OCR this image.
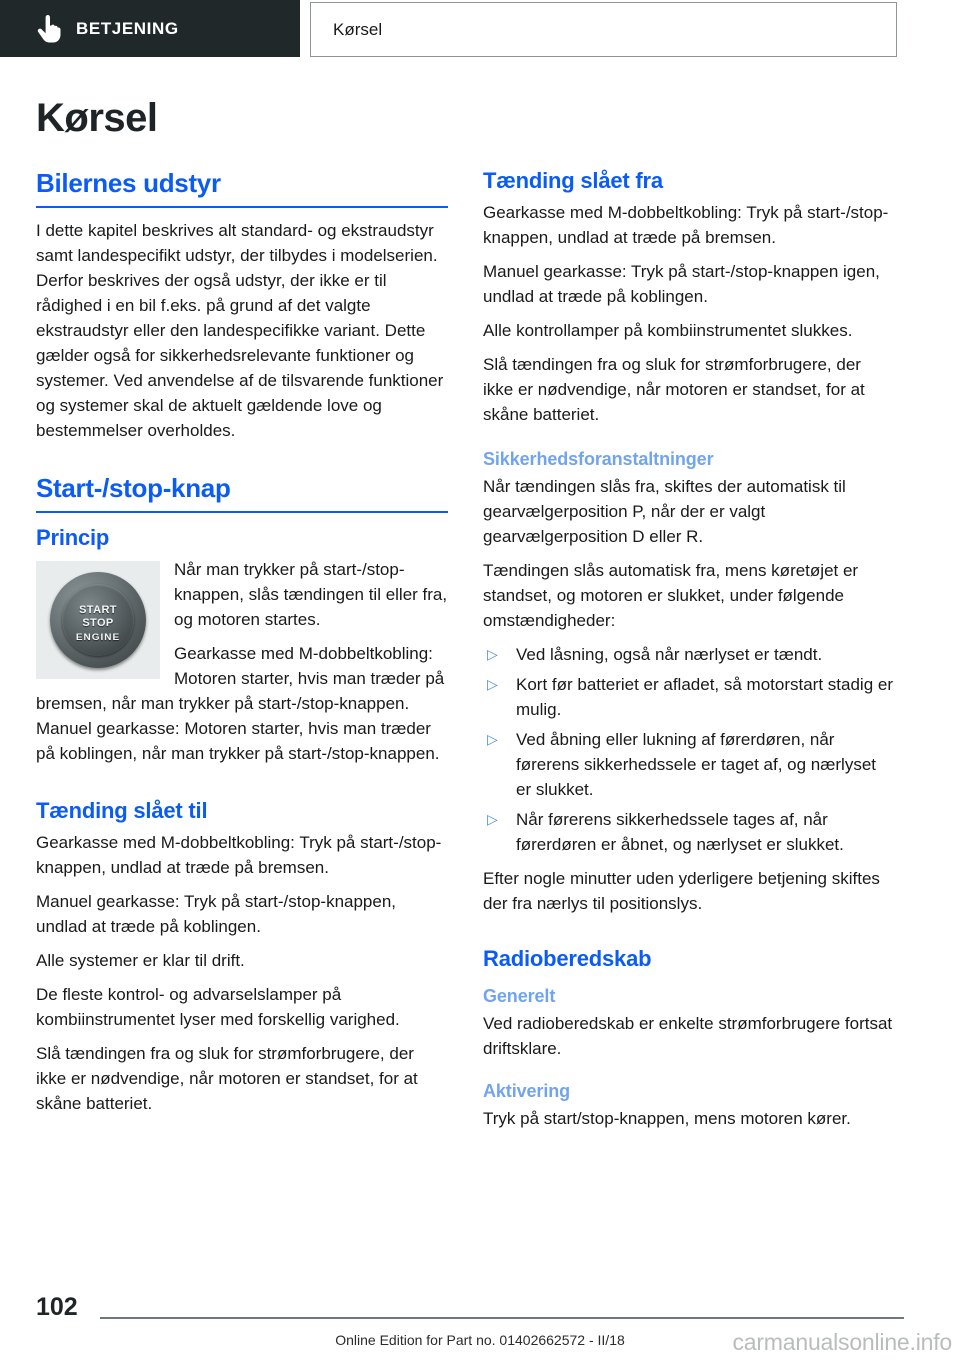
BETJENING	Kørsel
Kørsel
Bilernes udstyr

I dette kapitel beskrives alt standard- og ekstraudstyr samt landespecifikt udstyr, der tilbydes i modelserien. Derfor beskrives der også udstyr, der ikke er til rådighed i en bil f.eks. på grund af det valgte ekstraudstyr eller den landespecifikke variant. Dette gælder også for sikkerhedsrelevante funktioner og systemer. Ved anvendelse af de tilsvarende funktioner og systemer skal de aktuelt gældende love og bestemmelser overholdes.

Start-/stop-knap
Princip
START
STOP
ENGINE

Når man trykker på start-/stop-knappen, slås tændingen til eller fra, og motoren startes.

Gearkasse med M-dobbeltkobling: Motoren starter, hvis man træder på bremsen, når man trykker på start-/stop-knappen.

Manuel gearkasse: Motoren starter, hvis man træder på koblingen, når man trykker på start-/stop-knappen.

Tænding slået til

Gearkasse med M-dobbeltkobling: Tryk på start-/stop-knappen, undlad at træde på bremsen.

Manuel gearkasse: Tryk på start-/stop-knappen, undlad at træde på koblingen.

Alle systemer er klar til drift.

De fleste kontrol- og advarselslamper på kombiinstrumentet lyser med forskellig varighed.

Slå tændingen fra og sluk for strømforbrugere, der ikke er nødvendige, når motoren er standset, for at skåne batteriet.

Tænding slået fra

Gearkasse med M-dobbeltkobling: Tryk på start-/stop-knappen, undlad at træde på bremsen.

Manuel gearkasse: Tryk på start-/stop-knappen igen, undlad at træde på koblingen.

Alle kontrollamper på kombiinstrumentet slukkes.

Slå tændingen fra og sluk for strømforbrugere, der ikke er nødvendige, når motoren er standset, for at skåne batteriet.

Sikkerhedsforanstaltninger

Når tændingen slås fra, skiftes der automatisk til gearvælgerposition P, når der er valgt gearvælgerposition D eller R.

Tændingen slås automatisk fra, mens køretøjet er standset, og motoren er slukket, under følgende omstændigheder:

▷ Ved låsning, også når nærlyset er tændt.
▷ Kort før batteriet er afladet, så motorstart stadig er mulig.
▷ Ved åbning eller lukning af førerdøren, når førerens sikkerhedssele er taget af, og nærlyset er slukket.
▷ Når førerens sikkerhedssele tages af, når førerdøren er åbnet, og nærlyset er slukket.

Efter nogle minutter uden yderligere betjening skiftes der fra nærlys til positionslys.

Radioberedskab
Generelt

Ved radioberedskab er enkelte strømforbrugere fortsat driftsklare.

Aktivering

Tryk på start/stop-knappen, mens motoren kører.

102
Online Edition for Part no. 01402662572 - II/18	carmanualsonline.info
